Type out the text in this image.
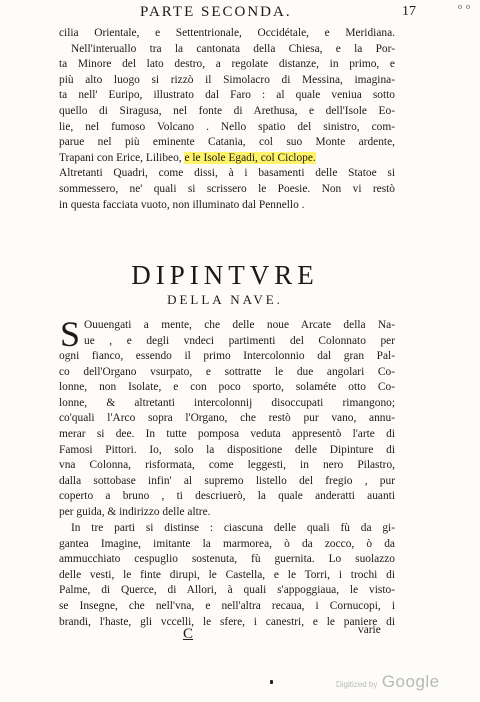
o o
PARTE SECONDA.	17
cilia Orientale, e Settentrionale, Occidétale, e Meridiana.
Nell'interuallo tra la cantonata della Chiesa, e la Por-
ta Minore del lato destro, a regolate distanze, in primo, e
più alto luogo si rizzò il Simolacro di Messina, imagina-
ta nell' Euripo, illustrato dal Faro : al quale veniua sotto
quello di Siragusa, nel fonte di Arethusa, e dell'Isole Eo-
lie, nel fumoso Volcano . Nello spatio del sinistro, com-
parue nel più eminente Catania, col suo Monte ardente,
Trapani con Erice, Lilibeo, e le Isole Egadi, col Ciclope.
Altretanti Quadri, come dissi, à i basamenti delle Statoe si
sommessero, ne' quali si scrissero le Poesie. Non vi restò
in questa facciata vuoto, non illuminato dal Pennello .
DIPINTVRE
DELLA NAVE.
S Ouuengati a mente, che delle noue Arcate della Na-
ue , e degli vndeci partimenti del Colonnato per
ogni fianco, essendo il primo Intercolonnio dal gran Pal-
co dell'Organo vsurpato, e sottratte le due angolari Co-
lonne, non Isolate, e con poco sporto, solaméte otto Co-
lonne, & altretanti intercolonnij disoccupati rimangono;
co'quali l'Arco sopra l'Organo, che restò pur vano, annu-
merar si dee. In tutte pomposa veduta appresentò l'arte di
Famosi Pittori. Io, solo la dispositione delle Dipinture di
vna Colonna, risformata, come leggesti, in nero Pilastro,
dalla sottobase infin' al supremo listello del fregio , pur
coperto a bruno , ti descriuerò, la quale anderatti auanti
per guida, & indirizzo delle altre.
In tre parti si distinse : ciascuna delle quali fù da gi-
gantea Imagine, imitante la marmorea, ò da zocco, ò da
ammucchiato cespuglio sostenuta, fù guernita. Lo suolazzo
delle vesti, le finte dirupi, le Castella, e le Torri, i trochi di
Palme, di Querce, di Allori, à quali s'appoggiaua, le visto-
se Insegne, che nell'vna, e nell'altra recaua, i Cornucopi, i
brandi, l'haste, gli vccelli, le sfere, i canestri, e le paniere di
C	varie
Digitized by Google
